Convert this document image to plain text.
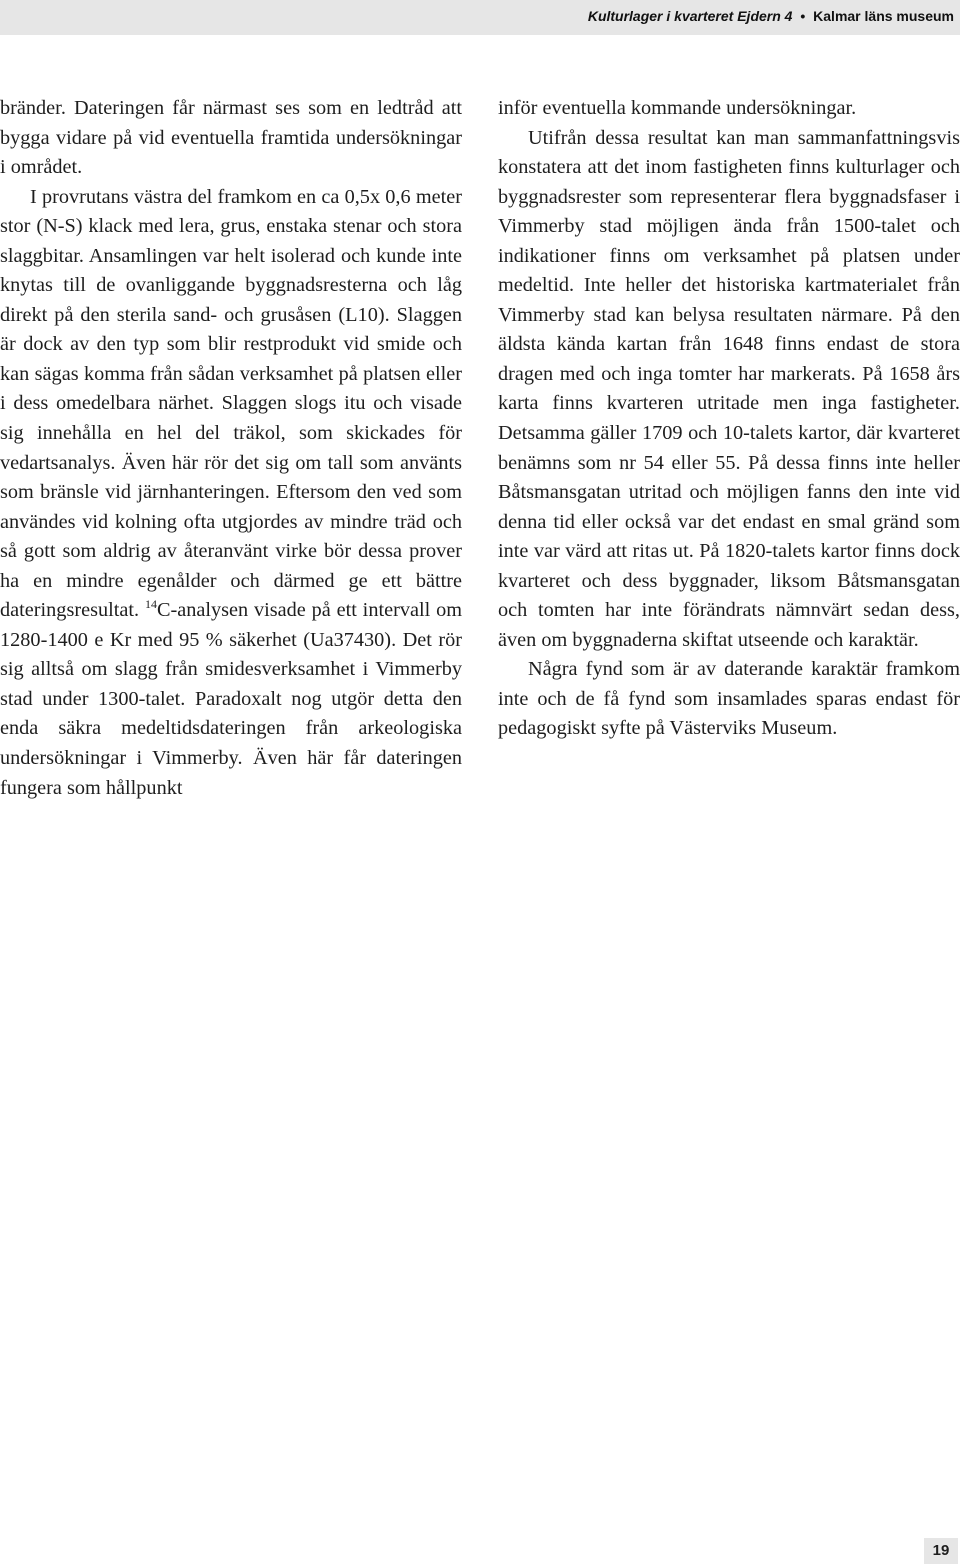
Kulturlager i kvarteret Ejdern 4 • Kalmar läns museum

bränder. Dateringen får närmast ses som en ledtråd att bygga vidare på vid eventuella framtida undersökningar i området.

I provrutans västra del framkom en ca 0,5x 0,6 meter stor (N-S) klack med lera, grus, enstaka stenar och stora slaggbitar. Ansamlingen var helt isolerad och kunde inte knytas till de ovanliggande byggnadsresterna och låg direkt på den sterila sand- och grusåsen (L10). Slaggen är dock av den typ som blir restprodukt vid smide och kan sägas komma från sådan verksamhet på platsen eller i dess omedelbara närhet. Slaggen slogs itu och visade sig innehålla en hel del träkol, som skickades för vedartsanalys. Även här rör det sig om tall som använts som bränsle vid järnhanteringen. Eftersom den ved som användes vid kolning ofta utgjordes av mindre träd och så gott som aldrig av återanvänt virke bör dessa prover ha en mindre egenålder och därmed ge ett bättre dateringsresultat. $^{14}$C-analysen visade på ett intervall om 1280-1400 e Kr med 95 % säkerhet (Ua37430). Det rör sig alltså om slagg från smidesverksamhet i Vimmerby stad under 1300-talet. Paradoxalt nog utgör detta den enda säkra medeltidsdateringen från arkeologiska undersökningar i Vimmerby. Även här får dateringen fungera som hållpunkt

inför eventuella kommande undersökningar.

Utifrån dessa resultat kan man sammanfattningsvis konstatera att det inom fastigheten finns kulturlager och byggnadsrester som representerar flera byggnadsfaser i Vimmerby stad möjligen ända från 1500-talet och indikationer finns om verksamhet på platsen under medeltid. Inte heller det historiska kartmaterialet från Vimmerby stad kan belysa resultaten närmare. På den äldsta kända kartan från 1648 finns endast de stora dragen med och inga tomter har markerats. På 1658 års karta finns kvarteren utritade men inga fastigheter. Detsamma gäller 1709 och 10-talets kartor, där kvarteret benämns som nr 54 eller 55. På dessa finns inte heller Båtsmansgatan utritad och möjligen fanns den inte vid denna tid eller också var det endast en smal gränd som inte var värd att ritas ut. På 1820-talets kartor finns dock kvarteret och dess byggnader, liksom Båtsmansgatan och tomten har inte förändrats nämnvärt sedan dess, även om byggnaderna skiftat utseende och karaktär.

Några fynd som är av daterande karaktär framkom inte och de få fynd som insamlades sparas endast för pedagogiskt syfte på Västerviks Museum.

19
